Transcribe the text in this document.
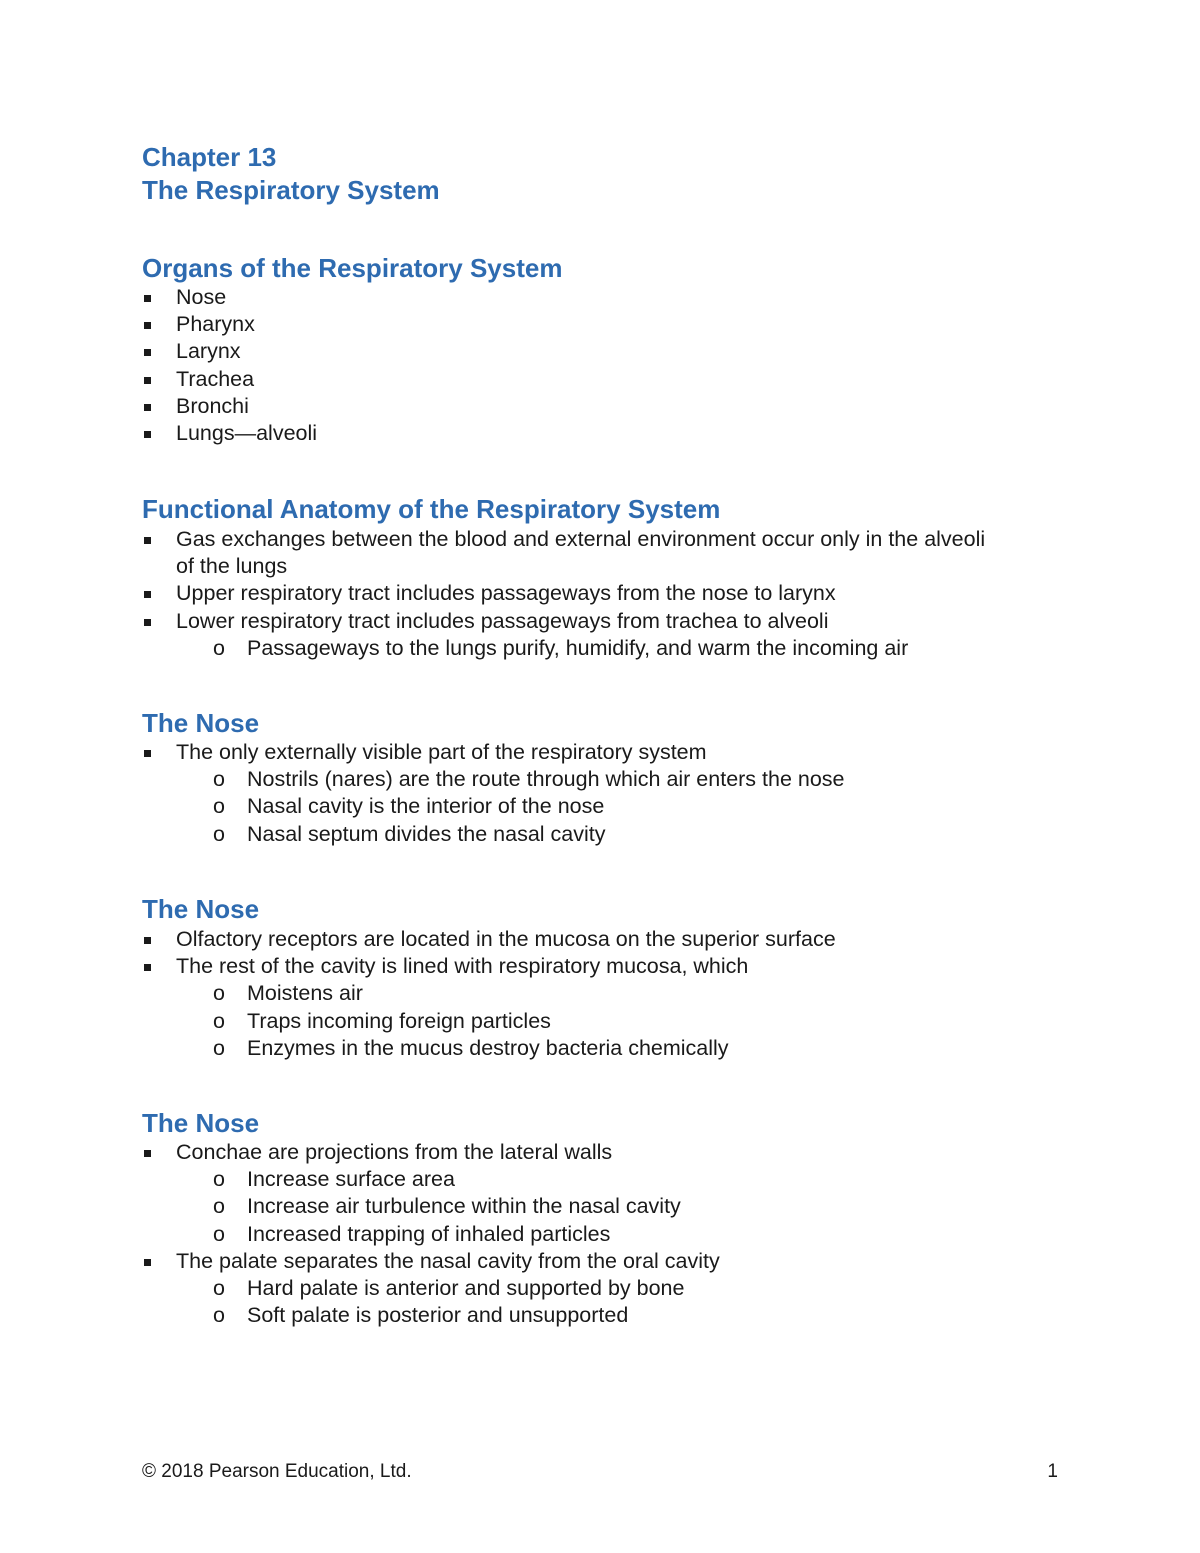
Chapter 13
The Respiratory System
Organs of the Respiratory System
Nose
Pharynx
Larynx
Trachea
Bronchi
Lungs—alveoli
Functional Anatomy of the Respiratory System
Gas exchanges between the blood and external environment occur only in the alveoli
of the lungs
Upper respiratory tract includes passageways from the nose to larynx
Lower respiratory tract includes passageways from trachea to alveoli
o Passageways to the lungs purify, humidify, and warm the incoming air
The Nose
The only externally visible part of the respiratory system
o Nostrils (nares) are the route through which air enters the nose
o Nasal cavity is the interior of the nose
o Nasal septum divides the nasal cavity
The Nose
Olfactory receptors are located in the mucosa on the superior surface
The rest of the cavity is lined with respiratory mucosa, which
o Moistens air
o Traps incoming foreign particles
o Enzymes in the mucus destroy bacteria chemically
The Nose
Conchae are projections from the lateral walls
o Increase surface area
o Increase air turbulence within the nasal cavity
o Increased trapping of inhaled particles
The palate separates the nasal cavity from the oral cavity
o Hard palate is anterior and supported by bone
o Soft palate is posterior and unsupported
© 2018 Pearson Education, Ltd.	1
